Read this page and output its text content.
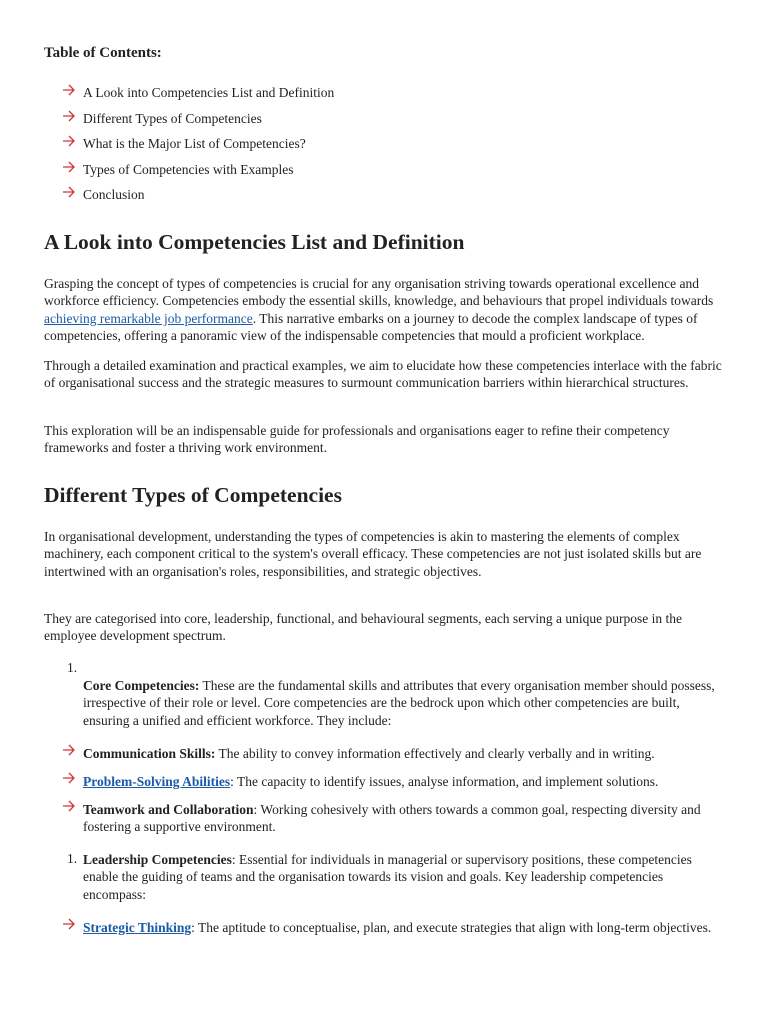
Table of Contents:
A Look into Competencies List and Definition
Different Types of Competencies
What is the Major List of Competencies?
Types of Competencies with Examples
Conclusion
A Look into Competencies List and Definition

Grasping the concept of types of competencies is crucial for any organisation striving towards operational excellence and workforce efficiency. Competencies embody the essential skills, knowledge, and behaviours that propel individuals towards achieving remarkable job performance. This narrative embarks on a journey to decode the complex landscape of types of competencies, offering a panoramic view of the indispensable competencies that mould a proficient workplace.

Through a detailed examination and practical examples, we aim to elucidate how these competencies interlace with the fabric of organisational success and the strategic measures to surmount communication barriers within hierarchical structures.

This exploration will be an indispensable guide for professionals and organisations eager to refine their competency frameworks and foster a thriving work environment.

Different Types of Competencies

In organisational development, understanding the types of competencies is akin to mastering the elements of complex machinery, each component critical to the system's overall efficacy. These competencies are not just isolated skills but are intertwined with an organisation's roles, responsibilities, and strategic objectives.

They are categorised into core, leadership, functional, and behavioural segments, each serving a unique purpose in the employee development spectrum.

1.

Core Competencies: These are the fundamental skills and attributes that every organisation member should possess, irrespective of their role or level. Core competencies are the bedrock upon which other competencies are built, ensuring a unified and efficient workforce. They include:

Communication Skills: The ability to convey information effectively and clearly verbally and in writing.

Problem-Solving Abilities: The capacity to identify issues, analyse information, and implement solutions.

Teamwork and Collaboration: Working cohesively with others towards a common goal, respecting diversity and fostering a supportive environment.

1. Leadership Competencies: Essential for individuals in managerial or supervisory positions, these competencies enable the guiding of teams and the organisation towards its vision and goals. Key leadership competencies encompass:

Strategic Thinking: The aptitude to conceptualise, plan, and execute strategies that align with long-term objectives.
